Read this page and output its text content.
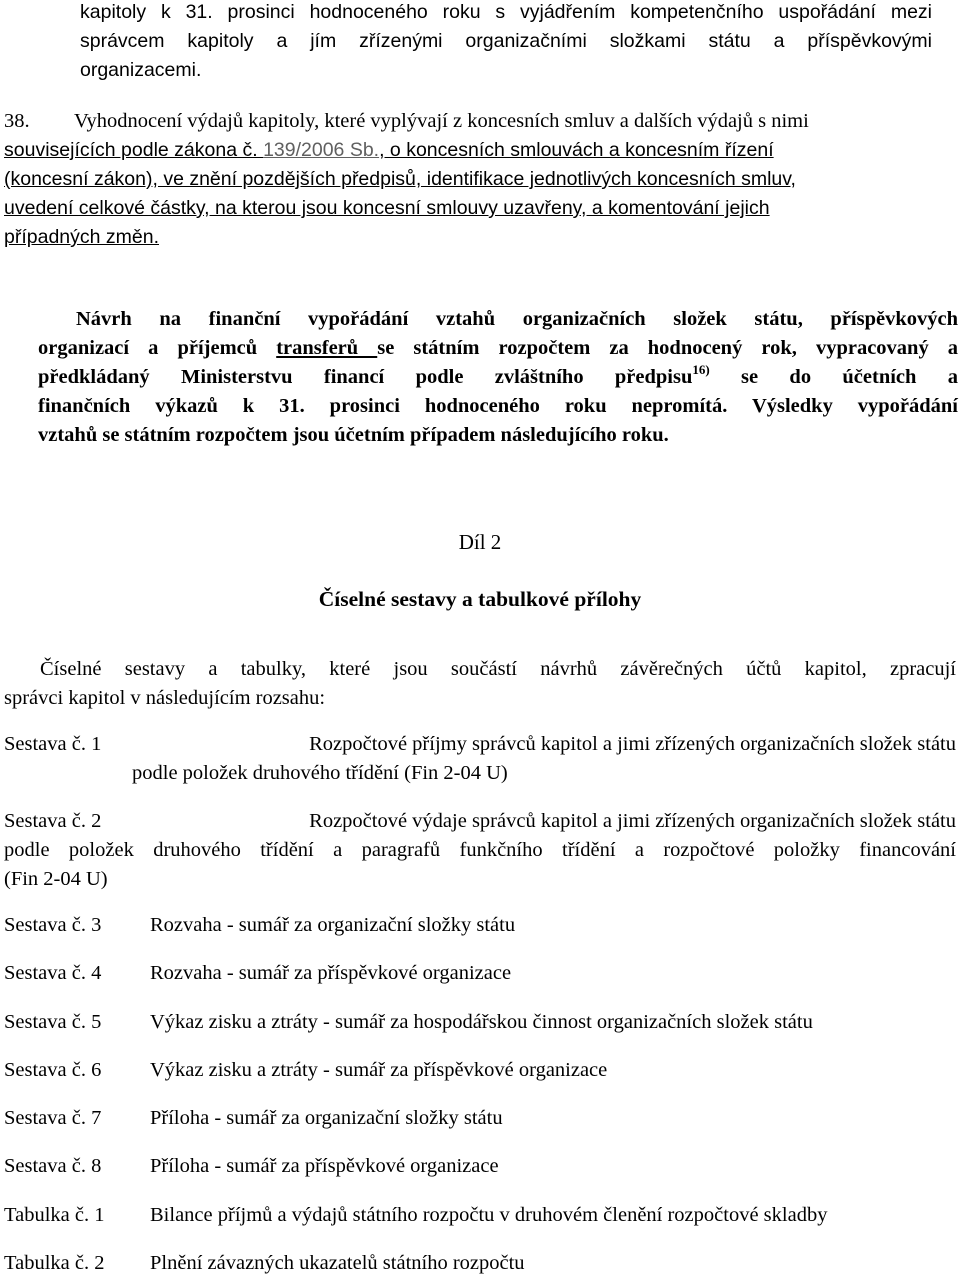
kapitoly k 31. prosinci hodnoceného roku s vyjádřením kompetenčního uspořádání mezi
správcem kapitoly a jím zřízenými organizačními složkami státu a příspěvkovými
organizacemi.
38. Vyhodnocení výdajů kapitoly, které vyplývají z koncesních smluv a dalších výdajů s nimi
souvisejících podle zákona č. 139/2006 Sb., o koncesních smlouvách a koncesním řízení
(koncesní zákon), ve znění pozdějších předpisů, identifikace jednotlivých koncesních smluv,
uvedení celkové částky, na kterou jsou koncesní smlouvy uzavřeny, a komentování jejich
případných změn.
Návrh na finanční vypořádání vztahů organizačních složek státu, příspěvkových
organizací a příjemců transferů se státním rozpočtem za hodnocený rok, vypracovaný a
předkládaný Ministerstvu financí podle zvláštního předpisu$^{16)}$ se do účetních a
finančních výkazů k 31. prosinci hodnoceného roku nepromítá. Výsledky vypořádání
vztahů se státním rozpočtem jsou účetním případem následujícího roku.
Díl 2
Číselné sestavy a tabulkové přílohy
Číselné sestavy a tabulky, které jsou součástí návrhů závěrečných účtů kapitol, zpracují
správci kapitol v následujícím rozsahu:
Sestava č. 1	Rozpočtové příjmy správců kapitol a jimi zřízených organizačních složek státu
podle položek druhového třídění (Fin 2-04 U)
Sestava č. 2	Rozpočtové výdaje správců kapitol a jimi zřízených organizačních složek státu
podle položek druhového třídění a paragrafů funkčního třídění a rozpočtové položky financování
(Fin 2-04 U)
Sestava č. 3 Rozvaha - sumář za organizační složky státu
Sestava č. 4 Rozvaha - sumář za příspěvkové organizace
Sestava č. 5 Výkaz zisku a ztráty - sumář za hospodářskou činnost organizačních složek státu
Sestava č. 6 Výkaz zisku a ztráty - sumář za příspěvkové organizace
Sestava č. 7 Příloha - sumář za organizační složky státu
Sestava č. 8 Příloha - sumář za příspěvkové organizace
Tabulka č. 1 Bilance příjmů a výdajů státního rozpočtu v druhovém členění rozpočtové skladby
Tabulka č. 2 Plnění závazných ukazatelů státního rozpočtu
